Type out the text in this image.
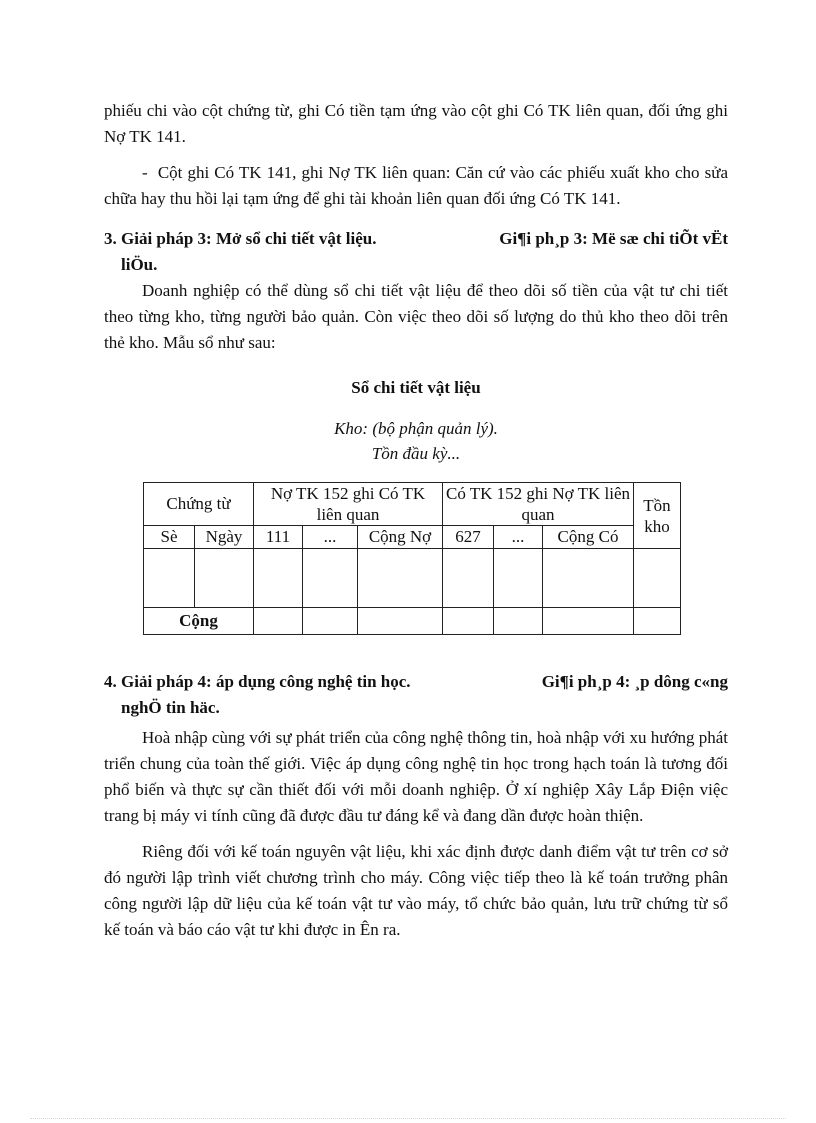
phiếu chi vào cột chứng từ, ghi Có tiền tạm ứng vào cột ghi Có TK liên quan, đối ứng ghi Nợ TK 141.

- Cột ghi Có TK 141, ghi Nợ TK liên quan: Căn cứ vào các phiếu xuất kho cho sửa chữa hay thu hồi lại tạm ứng để ghi tài khoản liên quan đối ứng Có TK 141.

3. Giải pháp 3: Mở sổ chi tiết vật liệu.	Gi¶i ph¸p 3: Më sæ chi tiÕt vËt
liÖu.

Doanh nghiệp có thể dùng sổ chi tiết vật liệu để theo dõi số tiền của vật tư chi tiết theo từng kho, từng người bảo quản. Còn việc theo dõi số lượng do thủ kho theo dõi trên thẻ kho. Mẫu sổ như sau:

Sổ chi tiết vật liệu
Kho: (bộ phận quản lý).
Tồn đầu kỳ...
Chứng từ		Nợ TK 152 ghi Có TK liên quan			Có TK 152 ghi Nợ TK liên quan			Tồn kho
Sè	Ngày	111	...	Cộng Nợ	627	...	Cộng Có	

Cộng								
4. Giải pháp 4: áp dụng công nghệ tin học.	Gi¶i ph¸p 4: ¸p dông c«ng
nghÖ tin häc.

Hoà nhập cùng với sự phát triển của công nghệ thông tin, hoà nhập với xu hướng phát triển chung của toàn thế giới. Việc áp dụng công nghệ tin học trong hạch toán là tương đối phổ biến và thực sự cần thiết đối với mỗi doanh nghiệp. Ở xí nghiệp Xây Lắp Điện việc trang bị máy vi tính cũng đã được đầu tư đáng kể và đang dần được hoàn thiện.

Riêng đối với kế toán nguyên vật liệu, khi xác định được danh điểm vật tư trên cơ sở đó người lập trình viết chương trình cho máy. Công việc tiếp theo là kế toán trưởng phân công người lập dữ liệu của kế toán vật tư vào máy, tổ chức bảo quản, lưu trữ chứng từ sổ kế toán và báo cáo vật tư khi được in Ên ra.
